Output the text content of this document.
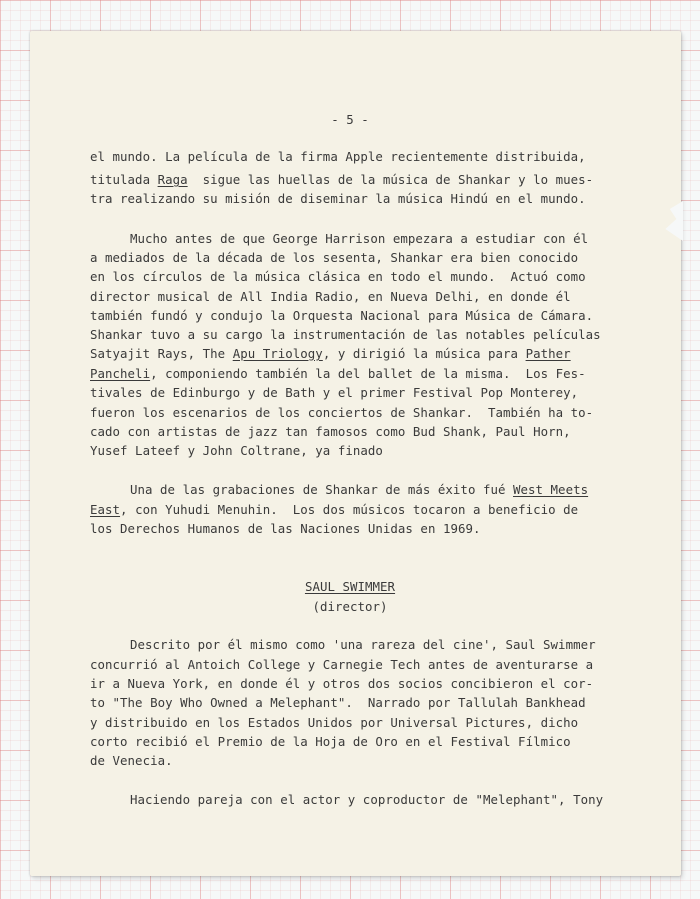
- 5 -

el mundo. La película de la firma Apple recientemente distribuida,

titulada Raga  sigue las huellas de la música de Shankar y lo mues-

tra realizando su misión de diseminar la música Hindú en el mundo.

Mucho antes de que George Harrison empezara a estudiar con él

a mediados de la década de los sesenta, Shankar era bien conocido

en los círculos de la música clásica en todo el mundo.  Actuó como

director musical de All India Radio, en Nueva Delhi, en donde él

también fundó y condujo la Orquesta Nacional para Música de Cámara.

Shankar tuvo a su cargo la instrumentación de las notables películas

Satyajit Rays, The Apu Triology, y dirigió la música para Pather

Pancheli, componiendo también la del ballet de la misma.  Los Fes-

tivales de Edinburgo y de Bath y el primer Festival Pop Monterey,

fueron los escenarios de los conciertos de Shankar.  También ha to-

cado con artistas de jazz tan famosos como Bud Shank, Paul Horn,

Yusef Lateef y John Coltrane, ya finado

Una de las grabaciones de Shankar de más éxito fué West Meets

East, con Yuhudi Menuhin.  Los dos músicos tocaron a beneficio de

los Derechos Humanos de las Naciones Unidas en 1969.

SAUL SWIMMER

(director)

Descrito por él mismo como 'una rareza del cine', Saul Swimmer

concurrió al Antoich College y Carnegie Tech antes de aventurarse a

ir a Nueva York, en donde él y otros dos socios concibieron el cor-

to "The Boy Who Owned a Melephant".  Narrado por Tallulah Bankhead

y distribuido en los Estados Unidos por Universal Pictures, dicho

corto recibió el Premio de la Hoja de Oro en el Festival Fílmico

de Venecia.

Haciendo pareja con el actor y coproductor de "Melephant", Tony
